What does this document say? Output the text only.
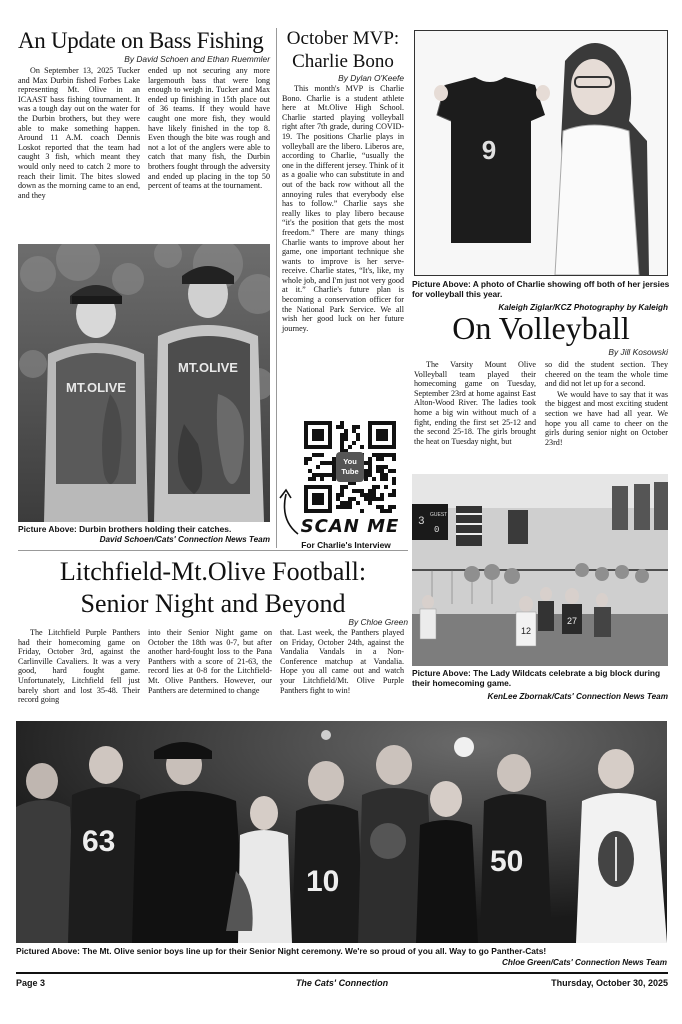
An Update on Bass Fishing
By David Schoen and Ethan Ruemmler

On September 13, 2025 Tucker and Max Durbin fished Forbes Lake representing Mt. Olive in an ICAAST bass fishing tournament. It was a tough day out on the water for the Durbin brothers, but they were able to make something happen. Around 11 A.M. coach Dennis Loskot reported that the team had caught 3 fish, which meant they would only need to catch 2 more to reach their limit. The bites slowed down as the morning came to an end, and they

ended up not securing any more largemouth bass that were long enough to weigh in. Tucker and Max ended up finishing in 15th place out of 36 teams. If they would have caught one more fish, they would have likely finished in the top 8. Even though the bite was rough and not a lot of the anglers were able to catch that many fish, the Durbin brothers fought through the adversity and ended up placing in the top 50 percent of teams at the tournament.

MT.OLIVE
MT.OLIVE
Picture Above: Durbin brothers holding their catches.
David Schoen/Cats' Connection News Team
October MVP:
Charlie Bono
By Dylan O'Keefe

This month's MVP is Charlie Bono. Charlie is a student athlete here at Mt.Olive High School. Charlie started playing volleyball right after 7th grade, during COVID-19. The positions Charlie plays in volleyball are the libero. Liberos are, according to Charlie, “usually the one in the different jersey. Think of it as a goalie who can substitute in and out of the back row without all the annoying rules that everybody else has to follow.” Charlie says she really likes to play libero because “it's the position that gets the most freedom.” There are many things Charlie wants to improve about her game, one important technique she wants to improve is her serve-receive. Charlie states, “It's, like, my whole job, and I'm just not very good at it.” Charlie's future plan is becoming a conservation officer for the National Park Service. We all wish her good luck on her future journey.

You
Tube
SCAN ME
For Charlie's Interview
9
Picture Above: A photo of Charlie showing off both of her jersies for volleyball this year.
Kaleigh Ziglar/KCZ Photography by Kaleigh
On Volleyball
By Jill Kosowski

The Varsity Mount Olive Volleyball team played their homecoming game on Tuesday, September 23rd at home against East Alton-Wood River. The ladies took home a big win without much of a fight, ending the first set 25-12 and the second 25-18. The girls brought the heat on Tuesday night, but

so did the student section. They cheered on the team the whole time and did not let up for a second.

We would have to say that it was the biggest and most exciting student section we have had all year. We hope you all came to cheer on the girls during senior night on October 23rd!

3
GUEST
0
27
12
Picture Above: The Lady Wildcats celebrate a big block during their homecoming game.
KenLee Zbornak/Cats' Connection News Team
Litchfield-Mt.Olive Football:
Senior Night and Beyond
By Chloe Green

The Litchfield Purple Panthers had their homecoming game on Friday, October 3rd, against the Carlinville Cavaliers. It was a very good, hard fought game. Unfortunately, Litchfield fell just barely short and lost 35-48. Their record going

into their Senior Night game on October the 18th was 0-7, but after another hard-fought loss to the Pana Panthers with a score of 21-63, the record lies at 0-8 for the Litchfield-Mt. Olive Panthers. However, our Panthers are determined to change

that. Last week, the Panthers played on Friday, October 24th, against the Vandalia Vandals in a Non-Conference matchup at Vandalia. Hope you all came out and watch your Litchfield/Mt. Olive Purple Panthers fight to win!

63
10
50
Pictured Above: The Mt. Olive senior boys line up for their Senior Night ceremony. We're so proud of you all. Way to go Panther-Cats!
Chloe Green/Cats' Connection News Team
Page 3	The Cats' Connection	Thursday, October 30, 2025
